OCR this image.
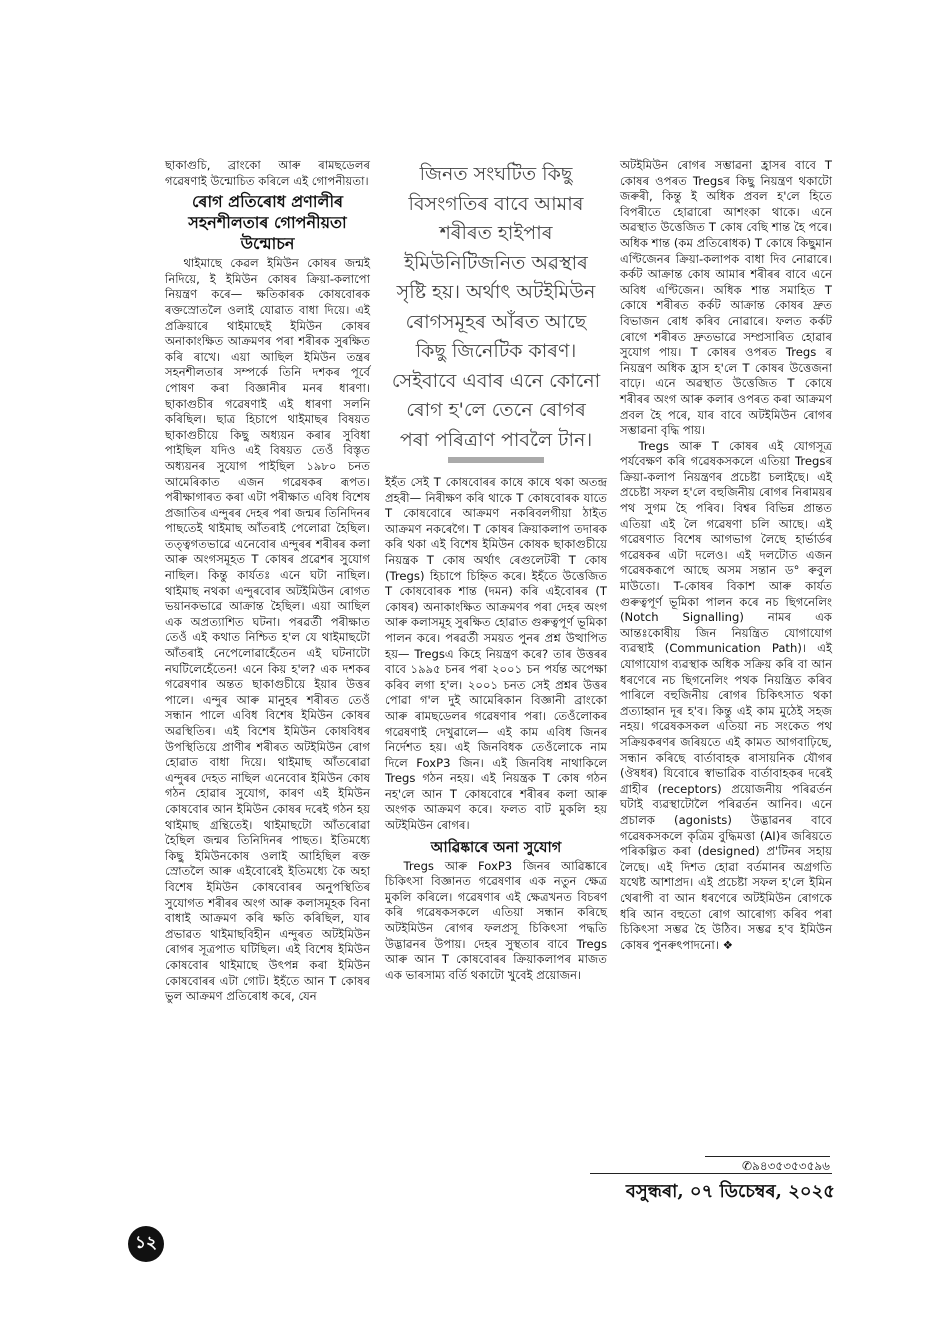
ছাকাগুচি, ব্ৰাংকো আৰু ৰামছডেলৰ গৱেষণাই উন্মোচিত কৰিলে এই গোপনীয়তা।

ৰোগ প্ৰতিৰোধ প্ৰণালীৰ সহনশীলতাৰ গোপনীয়তা উন্মোচন

থাইমাছে কেৱল ইমিউন কোষৰ জন্মই নিদিয়ে, ই ইমিউন কোষৰ ক্ৰিয়া-কলাপো নিয়ন্ত্ৰণ কৰে— ক্ষতিকাৰক কোষবোৰক ৰক্তস্ৰোতলৈ ওলাই যোৱাত বাধা দিয়ে। এই প্ৰক্ৰিয়াৰে থাইমাছেই ইমিউন কোষৰ অনাকাংক্ষিত আক্ৰমণৰ পৰা শৰীৰক সুৰক্ষিত কৰি ৰাখে। এয়া আছিল ইমিউন তন্ত্ৰৰ সহনশীলতাৰ সম্পৰ্কে তিনি দশকৰ পূৰ্বে পোষণ কৰা বিজ্ঞানীৰ মনৰ ধাৰণা। ছাকাগুচীৰ গৱেষণাই এই ধাৰণা সলনি কৰিছিল। ছাত্ৰ হিচাপে থাইমাছৰ বিষয়ত ছাকাগুচীয়ে কিছু অধ্যয়ন কৰাৰ সুবিধা পাইছিল যদিও এই বিষয়ত তেওঁ বিস্তৃত অধ্যয়নৰ সুযোগ পাইছিল ১৯৮০ চনত আমেৰিকাত এজন গৱেষকৰ ৰূপত। পৰীক্ষাগাৰত কৰা এটা পৰীক্ষাত এবিধ বিশেষ প্ৰজাতিৰ এন্দুৰৰ দেহৰ পৰা জন্মৰ তিনিদিনৰ পাছতেই থাইমাছ আঁতৰাই পেলোৱা হৈছিল। তত্ত্বগতভাৱে এনেবোৰ এন্দুৰৰ শৰীৰৰ কলা আৰু অংগসমূহত T কোষৰ প্ৰৱেশৰ সুযোগ নাছিল। কিন্তু কাৰ্যতঃ এনে ঘটা নাছিল। থাইমাছ নথকা এন্দুৰবোৰ অটইমিউন ৰোগত ভয়ানকভাৱে আক্ৰান্ত হৈছিল। এয়া আছিল এক অপ্ৰত্যাশিত ঘটনা। পৰৱৰ্তী পৰীক্ষাত তেওঁ এই কথাত নিশ্চিত হ'ল যে থাইমাছটো আঁতৰাই নেপেলোৱাহেঁতেন এই ঘটনাটো নঘটিলেহেঁতেন! এনে কিয় হ'ল? এক দশকৰ গৱেষণাৰ অন্তত ছাকাগুচীয়ে ইয়াৰ উত্তৰ পালে। এন্দুৰ আৰু মানুহৰ শৰীৰত তেওঁ সন্ধান পালে এবিধ বিশেষ ইমিউন কোষৰ অৱস্থিতিৰ। এই বিশেষ ইমিউন কোষবিধৰ উপস্থিতিয়ে প্ৰাণীৰ শৰীৰত অটইমিউন ৰোগ হোৱাত বাধা দিয়ে। থাইমাছ আঁতৰোৱা এন্দুৰৰ দেহত নাছিল এনেবোৰ ইমিউন কোষ গঠন হোৱাৰ সুযোগ, কাৰণ এই ইমিউন কোষবোৰ আন ইমিউন কোষৰ দৰেই গঠন হয় থাইমাছ গ্ৰন্থিতেই। থাইমাছটো আঁতৰোৱা হৈছিল জন্মৰ তিনিদিনৰ পাছত। ইতিমধ্যে কিছু ইমিউনকোষ ওলাই আহিছিল ৰক্ত স্ৰোতলৈ আৰু এইবোৰেই ইতিমধ্যে কৈ অহা বিশেষ ইমিউন কোষবোৰৰ অনুপস্থিতিৰ সুযোগত শৰীৰৰ অংগ আৰু কলাসমূহক বিনা বাধাই আক্ৰমণ কৰি ক্ষতি কৰিছিল, যাৰ প্ৰভাৱত থাইমাছবিহীন এন্দুৰত অটইমিউন ৰোগৰ সূত্ৰপাত ঘটিছিল। এই বিশেষ ইমিউন কোষবোৰ থাইমাছে উৎপন্ন কৰা ইমিউন কোষবোৰৰ এটা গোট। ইহঁতে আন T কোষৰ ভুল আক্ৰমণ প্ৰতিৰোধ কৰে, যেন

জিনত সংঘটিত কিছু বিসংগতিৰ বাবে আমাৰ শৰীৰত হাইপাৰ ইমিউনিটিজনিত অৱস্থাৰ সৃষ্টি হয়। অৰ্থাৎ অটইমিউন ৰোগসমূহৰ আঁৰত আছে কিছু জিনেটিক কাৰণ। সেইবাবে এবাৰ এনে কোনো ৰোগ হ'লে তেনে ৰোগৰ পৰা পৰিত্ৰাণ পাবলৈ টান।

ইহঁত সেই T কোষবোৰৰ কাষে কাষে থকা অতন্দ্ৰ প্ৰহৰী— নিৰীক্ষণ কৰি থাকে T কোষবোৰক যাতে T কোষবোৰে আক্ৰমণ নকৰিবলগীয়া ঠাইত আক্ৰমণ নকৰেগৈ। T কোষৰ ক্ৰিয়াকলাপ তদাৰক কৰি থকা এই বিশেষ ইমিউন কোষক ছাকাগুচীয়ে নিয়ন্ত্ৰক T কোষ অৰ্থাৎ ৰেগুলেটৰী T কোষ (Tregs) হিচাপে চিহ্নিত কৰে। ইহঁতে উত্তেজিত T কোষবোৰক শান্ত (দমন) কৰি এইবোৰৰ (T কোষৰ) অনাকাংক্ষিত আক্ৰমণৰ পৰা দেহৰ অংগ আৰু কলাসমূহ সুৰক্ষিত হোৱাত গুৰুত্বপূৰ্ণ ভূমিকা পালন কৰে। পৰৱৰ্তী সময়ত পুনৰ প্ৰশ্ন উত্থাপিত হয়— Tregsএ কিহে নিয়ন্ত্ৰণ কৰে? তাৰ উত্তৰৰ বাবে ১৯৯৫ চনৰ পৰা ২০০১ চন পৰ্যন্ত অপেক্ষা কৰিব লগা হ'ল। ২০০১ চনত সেই প্ৰশ্নৰ উত্তৰ পোৱা গ'ল দুই আমেৰিকান বিজ্ঞানী ব্ৰাংকো আৰু ৰামছডেলৰ গৱেষণাৰ পৰা। তেওঁলোকৰ গৱেষণাই দেখুৱালে— এই কাম এবিধ জিনৰ নিৰ্দেশত হয়। এই জিনবিধক তেওঁলোকে নাম দিলে FoxP3 জিন। এই জিনবিধ নাথাকিলে Tregs গঠন নহয়। এই নিয়ন্ত্ৰক T কোষ গঠন নহ'লে আন T কোষবোৰে শৰীৰৰ কলা আৰু অংগক আক্ৰমণ কৰে। ফলত বাট মুকলি হয় অটইমিউন ৰোগৰ।

আৱিষ্কাৰে অনা সুযোগ

Tregs আৰু FoxP3 জিনৰ আৱিষ্কাৰে চিকিৎসা বিজ্ঞানত গৱেষণাৰ এক নতুন ক্ষেত্ৰ মুকলি কৰিলে। গৱেষণাৰ এই ক্ষেত্ৰখনত বিচৰণ কৰি গৱেষকসকলে এতিয়া সন্ধান কৰিছে অটইমিউন ৰোগৰ ফলপ্ৰসূ চিকিৎসা পদ্ধতি উদ্ভাৱনৰ উপায়। দেহৰ সুস্থতাৰ বাবে Tregs আৰু আন T কোষবোৰৰ ক্ৰিয়াকলাপৰ মাজত এক ভাৰসাম্য বৰ্তি থকাটো খুবেই প্ৰয়োজন।

অটইমিউন ৰোগৰ সম্ভাৱনা হ্ৰাসৰ বাবে T কোষৰ ওপৰত Tregsৰ কিছু নিয়ন্ত্ৰণ থকাটো জৰুৰী, কিন্তু ই অধিক প্ৰবল হ'লে হিতে বিপৰীতে হোৱাৰো আশংকা থাকে। এনে অৱস্থাত উত্তেজিত T কোষ বেছি শান্ত হৈ পৰে। অধিক শান্ত (কম প্ৰতিৰোধক) T কোষে কিছুমান এণ্টিজেনৰ ক্ৰিয়া-কলাপক বাধা দিব নোৱাৰে। কৰ্কট আক্ৰান্ত কোষ আমাৰ শৰীৰৰ বাবে এনে অবিধ এণ্টিজেন। অধিক শান্ত সমাহিত T কোষে শৰীৰত কৰ্কট আক্ৰান্ত কোষৰ দ্ৰুত বিভাজন ৰোধ কৰিব নোৱাৰে। ফলত কৰ্কট ৰোগে শৰীৰত দ্ৰুতভাৱে সম্প্ৰসাৰিত হোৱাৰ সুযোগ পায়। T কোষৰ ওপৰত Tregs ৰ নিয়ন্ত্ৰণ অধিক হ্ৰাস হ'লে T কোষৰ উত্তেজনা বাঢ়ে। এনে অৱস্থাত উত্তেজিত T কোষে শৰীৰৰ অংগ আৰু কলাৰ ওপৰত কৰা আক্ৰমণ প্ৰবল হৈ পৰে, যাৰ বাবে অটইমিউন ৰোগৰ সম্ভাৱনা বৃদ্ধি পায়।

Tregs আৰু T কোষৰ এই যোগসূত্ৰ পৰ্যবেক্ষণ কৰি গৱেষকসকলে এতিয়া Tregsৰ ক্ৰিয়া-কলাপ নিয়ন্ত্ৰণৰ প্ৰচেষ্টা চলাইছে। এই প্ৰচেষ্টা সফল হ'লে বহুজিনীয় ৰোগৰ নিৰাময়ৰ পথ সুগম হৈ পৰিব। বিশ্বৰ বিভিন্ন প্ৰান্তত এতিয়া এই লৈ গৱেষণা চলি আছে। এই গৱেষণাত বিশেষ আগভাগ লৈছে হাৰ্ভাৰ্ডৰ গৱেষকৰ এটা দলেও। এই দলটোত এজন গৱেষকৰূপে আছে অসম সন্তান ড° ৰুবুল মাউতো। T-কোষৰ বিকাশ আৰু কাৰ্যত গুৰুত্বপূৰ্ণ ভূমিকা পালন কৰে নচ ছিগনেলিং (Notch Signalling) নামৰ এক আন্তঃকোষীয় জিন নিয়ন্ত্ৰিত যোগাযোগ ব্যৱস্থাই (Communication Path)। এই যোগাযোগ ব্যৱস্থাক অধিক সক্ৰিয় কৰি বা আন ধৰণেৰে নচ ছিগনেলিং পথক নিয়ন্ত্ৰিত কৰিব পাৰিলে বহুজিনীয় ৰোগৰ চিকিৎসাত থকা প্ৰত্যাহ্বান দূৰ হ'ব। কিন্তু এই কাম মুঠেই সহজ নহয়। গৱেষকসকল এতিয়া নচ সংকেত পথ সক্ৰিয়কৰণৰ জৰিয়তে এই কামত আগবাঢ়িছে, সন্ধান কৰিছে বাৰ্তাবাহক ৰাসায়নিক যৌগৰ (ঔষধৰ) যিবোৰে স্বাভাৱিক বাৰ্তাবাহকৰ দৰেই গ্ৰাহীৰ (receptors) প্ৰয়োজনীয় পৰিৱৰ্তন ঘটাই ব্যৱস্থাটোলৈ পৰিৱৰ্তন আনিব। এনে প্ৰচালক (agonists) উদ্ভাৱনৰ বাবে গৱেষকসকলে কৃত্ৰিম বুদ্ধিমত্তা (AI)ৰ জৰিয়তে পৰিকল্পিত কৰা (designed) প্ৰ'টিনৰ সহায় লৈছে। এই দিশত হোৱা বৰ্তমানৰ অগ্ৰগতি যথেষ্ট আশাপ্ৰদ। এই প্ৰচেষ্টা সফল হ'লে ইমিন থেৰাপী বা আন ধৰণেৰে অটইমিউন ৰোগকে ধৰি আন বহুতো ৰোগ আৰোগ্য কৰিব পৰা চিকিৎসা সম্ভৱ হৈ উঠিব। সম্ভৱ হ'ব ইমিউন কোষৰ পুনৰুৎপাদনো। ❖

✆৯৪৩৫৩৫৩৫৯৬
বসুন্ধৰা, ০৭ ডিচেম্বৰ, ২০২৫
১২
